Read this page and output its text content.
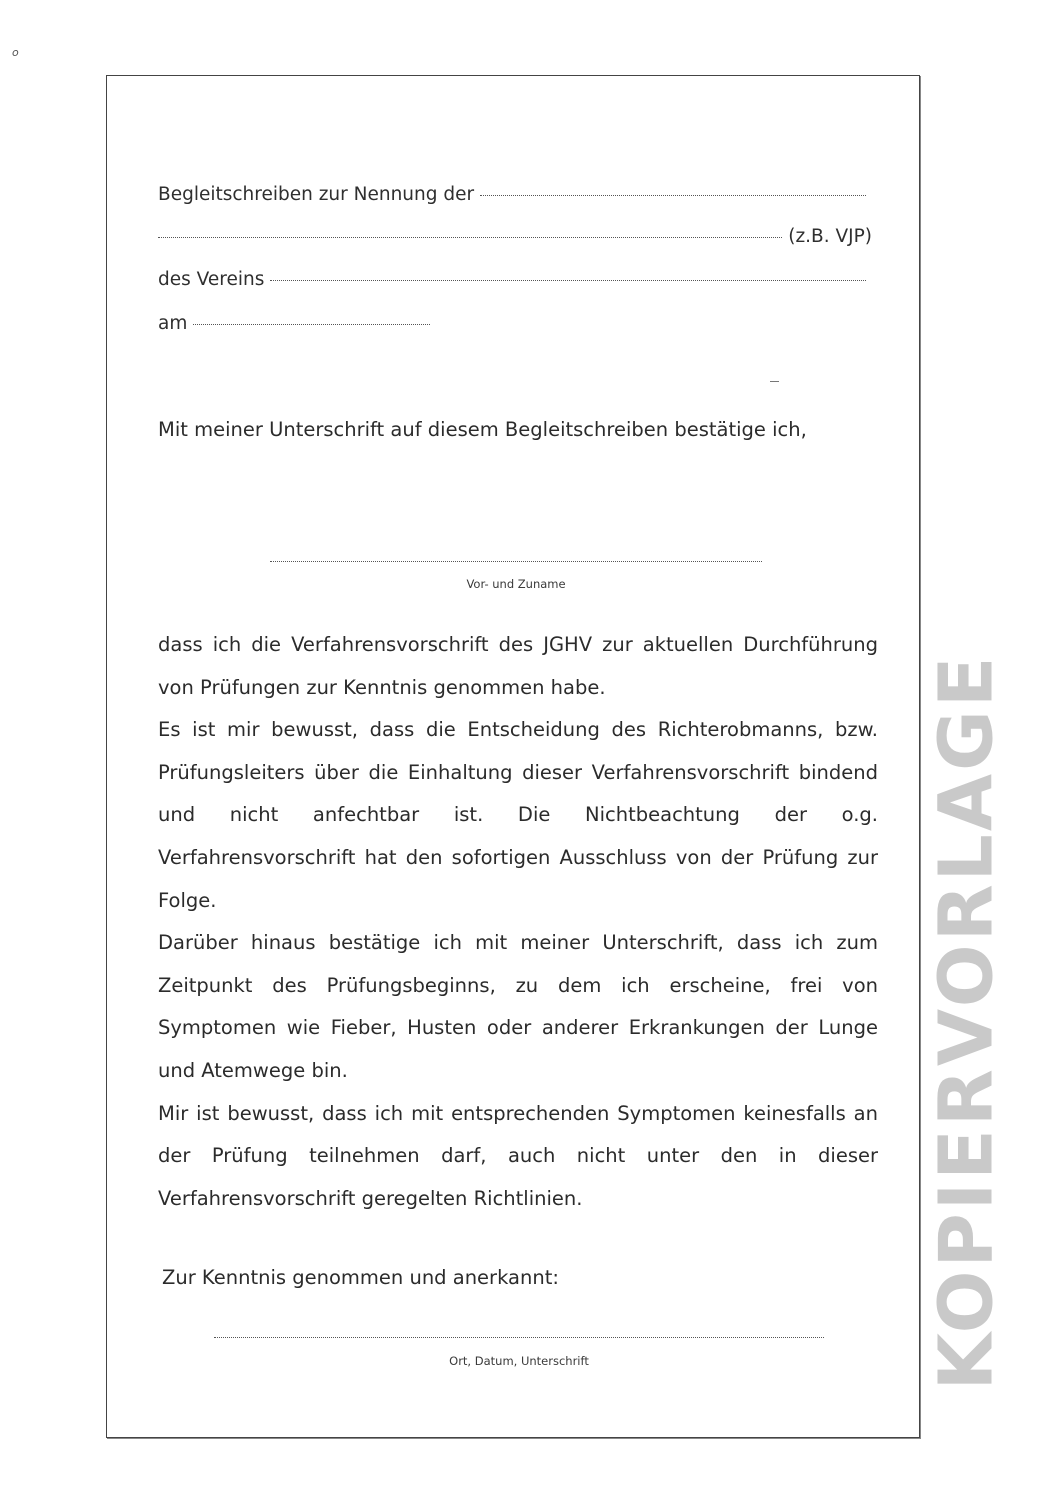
o
Begleitschreiben zur Nennung der
(z.B. VJP)
des Vereins
am
Mit meiner Unterschrift auf diesem Begleitschreiben bestätige ich,
Vor- und Zuname

dass ich die Verfahrensvorschrift des JGHV zur aktuellen Durchführung von Prüfungen zur Kenntnis genommen habe.

Es ist mir bewusst, dass die Entscheidung des Richterobmanns, bzw. Prüfungsleiters über die Einhaltung dieser Verfahrensvorschrift bindend und nicht anfechtbar ist. Die Nichtbeachtung der o.g. Verfahrensvorschrift hat den sofortigen Ausschluss von der Prüfung zur Folge.

Darüber hinaus bestätige ich mit meiner Unterschrift, dass ich zum Zeitpunkt des Prüfungsbeginns, zu dem ich erscheine, frei von Symptomen wie Fieber, Husten oder anderer Erkrankungen der Lunge und Atemwege bin.

Mir ist bewusst, dass ich mit entsprechenden Symptomen keinesfalls an der Prüfung teilnehmen darf, auch nicht unter den in dieser Verfahrensvorschrift geregelten Richtlinien.

Zur Kenntnis genommen und anerkannt:
Ort, Datum, Unterschrift	KOPIERVORLAGE
